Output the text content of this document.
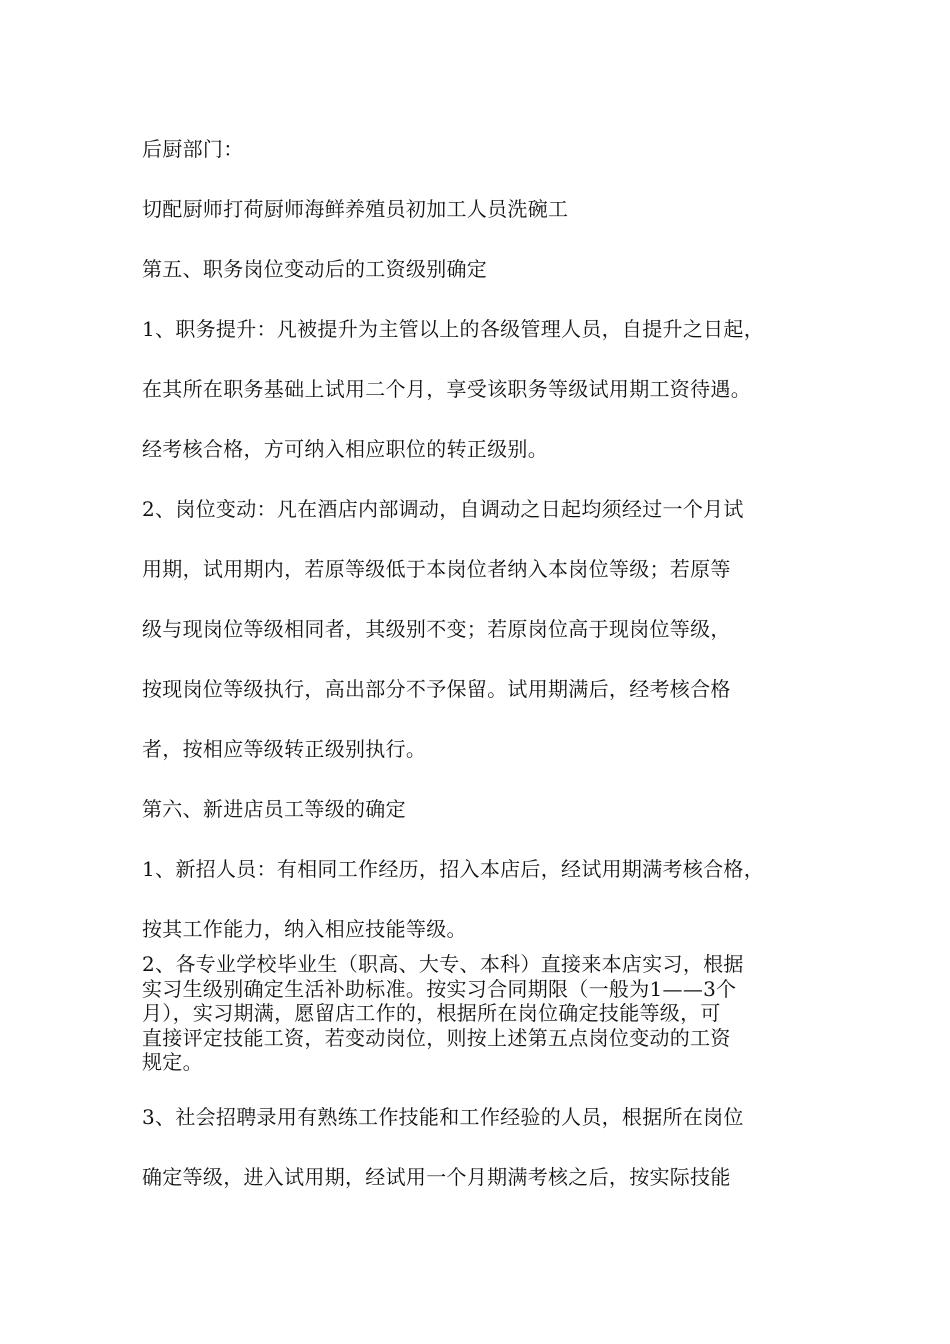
后厨部门：
切配厨师打荷厨师海鲜养殖员初加工人员洗碗工
第五、职务岗位变动后的工资级别确定
1、职务提升：凡被提升为主管以上的各级管理人员，自提升之日起，
在其所在职务基础上试用二个月，享受该职务等级试用期工资待遇。
经考核合格，方可纳入相应职位的转正级别。
2、岗位变动：凡在酒店内部调动，自调动之日起均须经过一个月试
用期，试用期内，若原等级低于本岗位者纳入本岗位等级；若原等
级与现岗位等级相同者，其级别不变；若原岗位高于现岗位等级，
按现岗位等级执行，高出部分不予保留。试用期满后，经考核合格
者，按相应等级转正级别执行。
第六、新进店员工等级的确定
1、新招人员：有相同工作经历，招入本店后，经试用期满考核合格，
按其工作能力，纳入相应技能等级。
2、各专业学校毕业生（职高、大专、本科）直接来本店实习，根据
实习生级别确定生活补助标准。按实习合同期限（一般为1——3个
月），实习期满，愿留店工作的，根据所在岗位确定技能等级，可
直接评定技能工资，若变动岗位，则按上述第五点岗位变动的工资
规定。
3、社会招聘录用有熟练工作技能和工作经验的人员，根据所在岗位
确定等级，进入试用期，经试用一个月期满考核之后，按实际技能
